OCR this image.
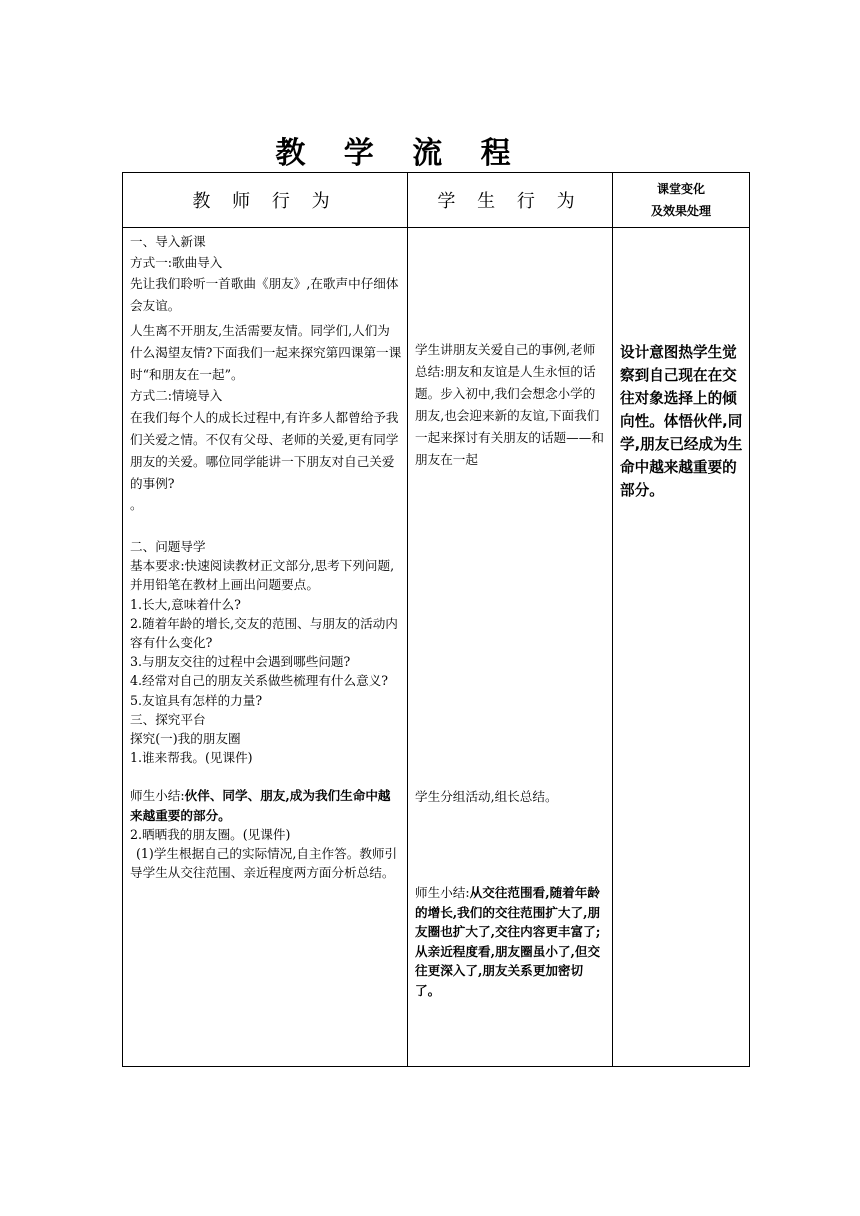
教 学 流 程
教 师 行 为	学 生 行 为
课堂变化
及效果处理

一、导入新课

方式一:歌曲导入

先让我们聆听一首歌曲《朋友》,在歌声中仔细体会友谊。

人生离不开朋友,生活需要友情。同学们,人们为什么渴望友情?下面我们一起来探究第四课第一课时“和朋友在一起”。

方式二:情境导入

在我们每个人的成长过程中,有许多人都曾给予我们关爱之情。不仅有父母、老师的关爱,更有同学朋友的关爱。哪位同学能讲一下朋友对自己关爱的事例?

。

二、问题导学

基本要求:快速阅读教材正文部分,思考下列问题,并用铅笔在教材上画出问题要点。

1.长大,意味着什么?

2.随着年龄的增长,交友的范围、与朋友的活动内容有什么变化?

3.与朋友交往的过程中会遇到哪些问题?

4.经常对自己的朋友关系做些梳理有什么意义?

5.友谊具有怎样的力量?

三、探究平台

探究(一)我的朋友圈

1.谁来帮我。(见课件)

师生小结:伙伴、同学、朋友,成为我们生命中越来越重要的部分。

2.晒晒我的朋友圈。(见课件)

(1)学生根据自己的实际情况,自主作答。教师引导学生从交往范围、亲近程度两方面分析总结。

学生讲朋友关爱自己的事例,老师总结:朋友和友谊是人生永恒的话题。步入初中,我们会想念小学的朋友,也会迎来新的友谊,下面我们一起来探讨有关朋友的话题——和朋友在一起

学生分组活动,组长总结。

师生小结:从交往范围看,随着年龄的增长,我们的交往范围扩大了,朋友圈也扩大了,交往内容更丰富了;从亲近程度看,朋友圈虽小了,但交往更深入了,朋友关系更加密切了。

设计意图热学生觉察到自己现在在交往对象选择上的倾向性。体悟伙伴,同学,朋友已经成为生命中越来越重要的部分。
